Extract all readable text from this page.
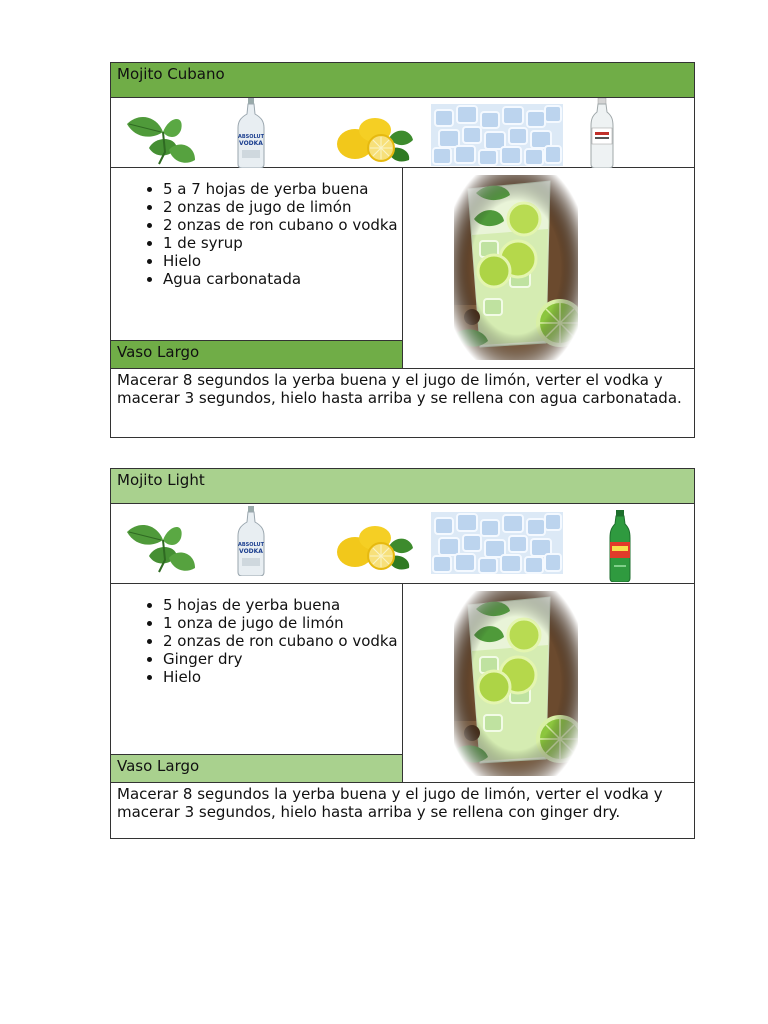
Mojito Cubano
• 5 a 7 hojas de yerba buena
• 2 onzas de jugo de limón
• 2 onzas de ron cubano o vodka
• 1 de syrup
• Hielo
• Agua carbonatada
Vaso Largo
Macerar 8 segundos la yerba buena y el jugo de limón, verter el vodka y macerar 3 segundos, hielo hasta arriba y se rellena con agua carbonatada.
Mojito Light
• 5 hojas de yerba buena
• 1 onza de jugo de limón
• 2 onzas de ron cubano o vodka
• Ginger dry
• Hielo
Vaso Largo
Macerar 8 segundos la yerba buena y el jugo de limón, verter el vodka y macerar 3 segundos, hielo hasta arriba y se rellena con ginger dry.
